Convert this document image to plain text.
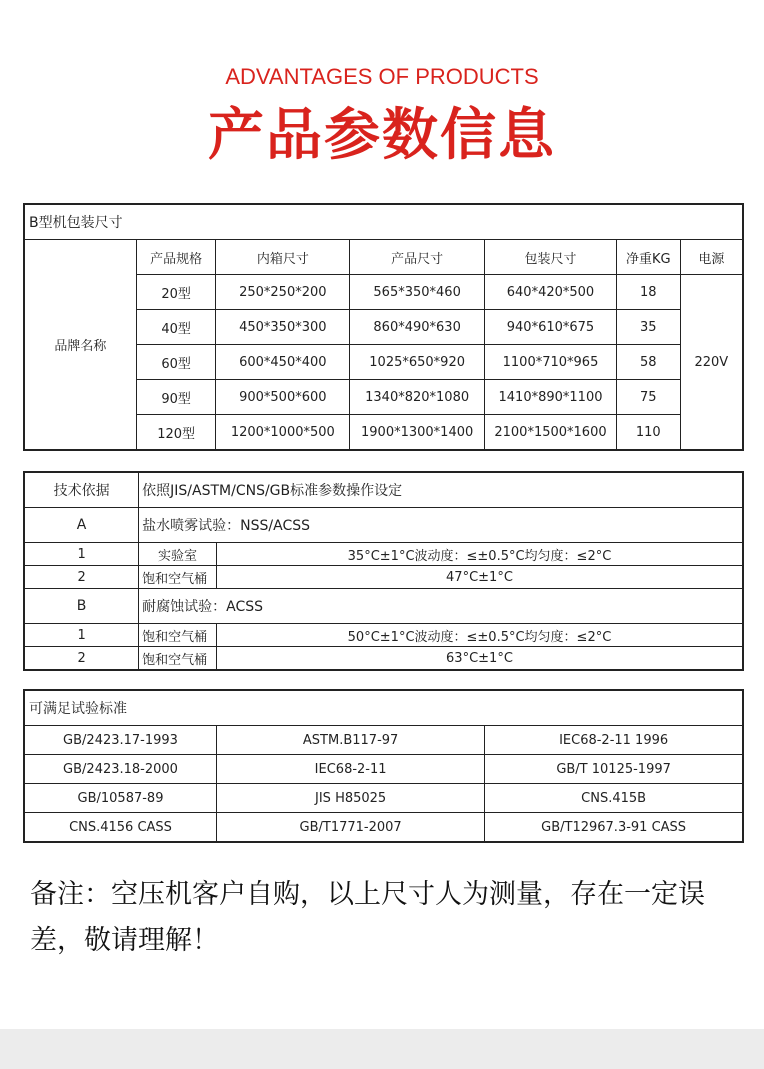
ADVANTAGES OF PRODUCTS
产品参数信息
B型机包装尺寸						
品牌名称	产品规格	内箱尺寸	产品尺寸	包装尺寸	净重KG	电源
	20型	250*250*200	565*350*460	640*420*500	18	220V
	40型	450*350*300	860*490*630	940*610*675	35	
	60型	600*450*400	1025*650*920	1100*710*965	58	
	90型	900*500*600	1340*820*1080	1410*890*1100	75	
	120型	1200*1000*500	1900*1300*1400	2100*1500*1600	110	
技术依据	依照JIS/ASTM/CNS/GB标准参数操作设定	
A	盐水喷雾试验：NSS/ACSS	
1	实验室	35°C±1°C波动度：≤±0.5°C均匀度：≤2°C
2	饱和空气桶	47°C±1°C
B	耐腐蚀试验：ACSS	
1	饱和空气桶	50°C±1°C波动度：≤±0.5°C均匀度：≤2°C
2	饱和空气桶	63°C±1°C
可满足试验标准		
GB/2423.17-1993	ASTM.B117-97	IEC68-2-11 1996
GB/2423.18-2000	IEC68-2-11	GB/T 10125-1997
GB/10587-89	JIS H85025	CNS.415B
CNS.4156 CASS	GB/T1771-2007	GB/T12967.3-91 CASS
备注：空压机客户自购，以上尺寸人为测量，存在一定误差，敬请理解！
